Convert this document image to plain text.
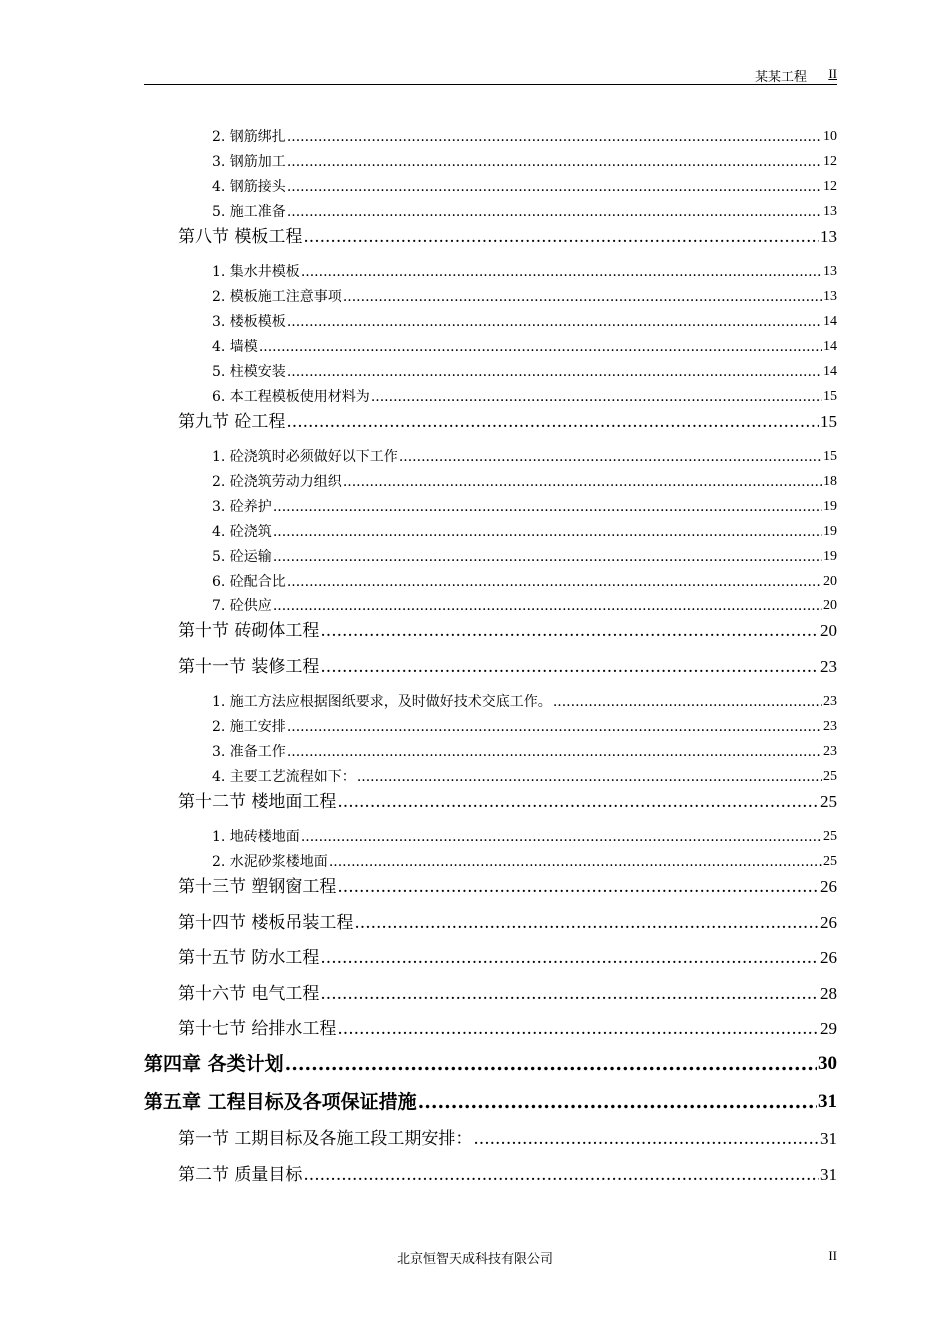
某某工程 II
2. 钢筋绑扎 .....	10
3. 钢筋加工 .....	12
4. 钢筋接头 .....	12
5. 施工准备 .....	13
第八节 模板工程 .....	13
1. 集水井模板 .....	13
2. 模板施工注意事项 .....	13
3. 楼板模板 .....	14
4. 墙模 .....	14
5. 柱模安装 .....	14
6. 本工程模板使用材料为 .....	15
第九节 砼工程 .....	15
1. 砼浇筑时必须做好以下工作 .....	15
2. 砼浇筑劳动力组织 .....	18
3. 砼养护 .....	19
4. 砼浇筑 .....	19
5. 砼运输 .....	19
6. 砼配合比 .....	20
7. 砼供应 .....	20
第十节 砖砌体工程 .....	20
第十一节 装修工程 .....	23
1. 施工方法应根据图纸要求，及时做好技术交底工作。 .....	23
2. 施工安排 .....	23
3. 准备工作 .....	23
4. 主要工艺流程如下： .....	25
第十二节 楼地面工程 .....	25
1. 地砖楼地面 .....	25
2. 水泥砂浆楼地面 .....	25
第十三节 塑钢窗工程 .....	26
第十四节 楼板吊装工程 .....	26
第十五节 防水工程 .....	26
第十六节 电气工程 .....	28
第十七节 给排水工程 .....	29
第四章 各类计划 .....	30
第五章 工程目标及各项保证措施 .....	31
第一节 工期目标及各施工段工期安排： .....	31
第二节 质量目标 .....	31
北京恒智天成科技有限公司	II
